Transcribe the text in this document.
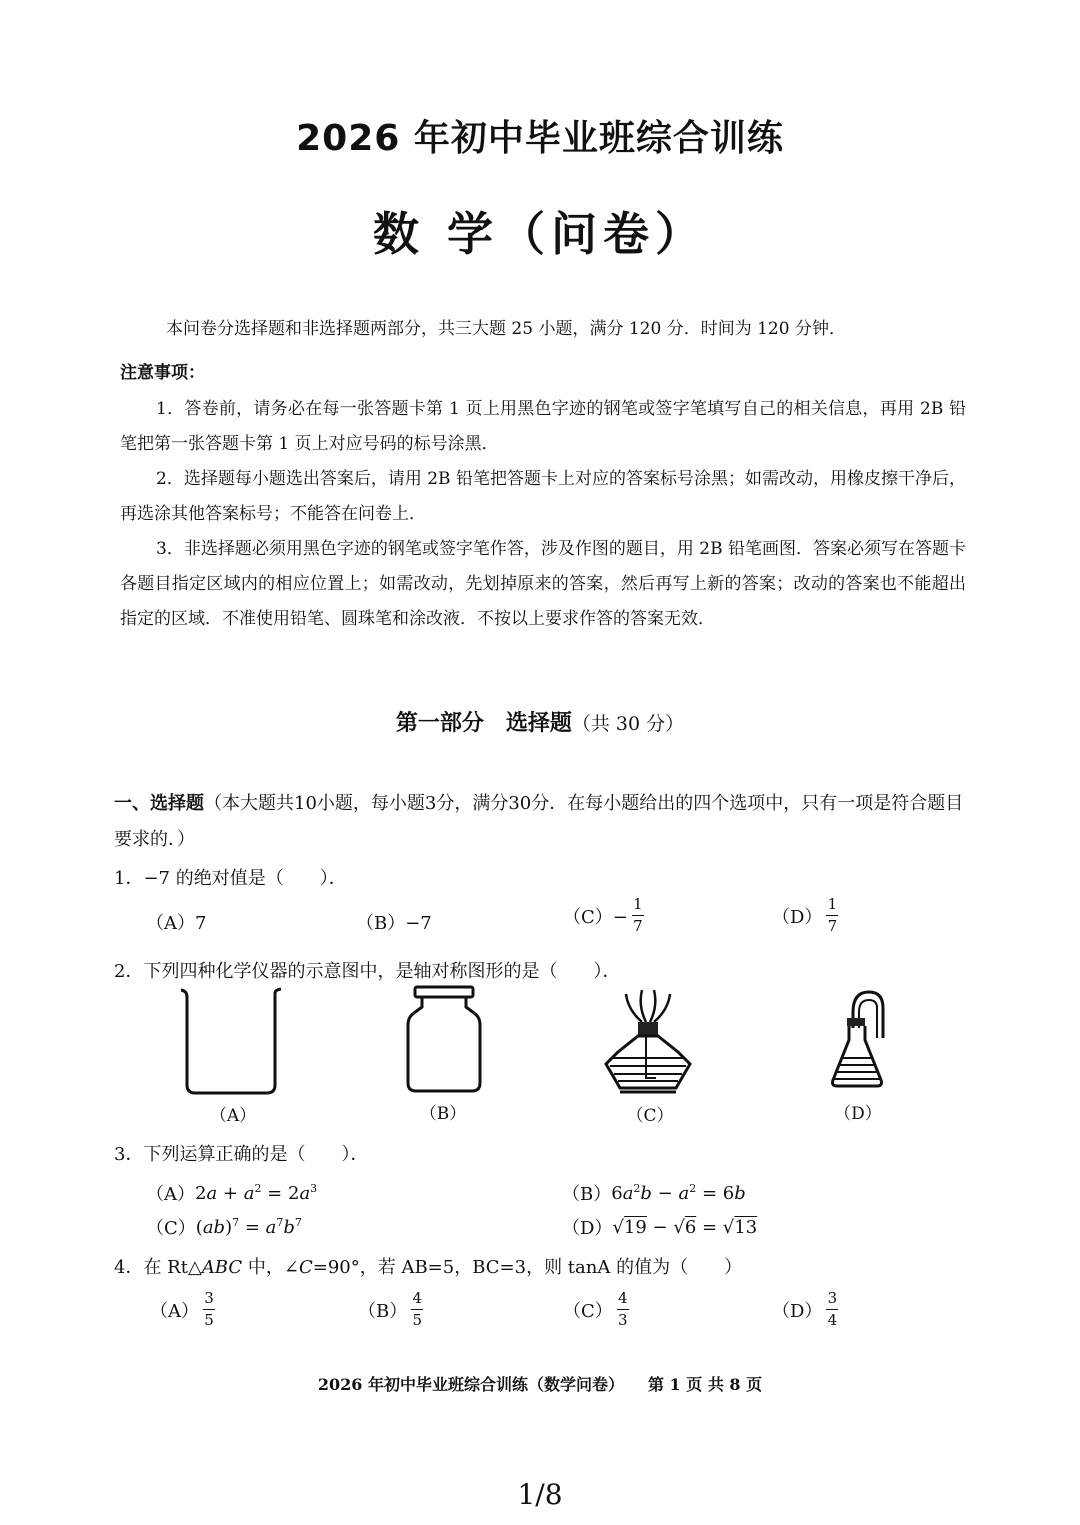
2026 年初中毕业班综合训练
数 学（问卷）
本问卷分选择题和非选择题两部分，共三大题 25 小题，满分 120 分．时间为 120 分钟．
注意事项：
1．答卷前，请务必在每一张答题卡第 1 页上用黑色字迹的钢笔或签字笔填写自己的相关信息，再用 2B 铅笔把第一张答题卡第 1 页上对应号码的标号涂黑．
2．选择题每小题选出答案后，请用 2B 铅笔把答题卡上对应的答案标号涂黑；如需改动，用橡皮擦干净后，再选涂其他答案标号；不能答在问卷上．
3．非选择题必须用黑色字迹的钢笔或签字笔作答，涉及作图的题目，用 2B 铅笔画图．答案必须写在答题卡各题目指定区域内的相应位置上；如需改动，先划掉原来的答案，然后再写上新的答案；改动的答案也不能超出指定的区域．不准使用铅笔、圆珠笔和涂改液．不按以上要求作答的答案无效．
第一部分　选择题（共 30 分）
一、选择题（本大题共10小题，每小题3分，满分30分．在每小题给出的四个选项中，只有一项是符合题目要求的．）
1．−7 的绝对值是（　　）．
（A）7	（B）−7	$(C)- \frac{1}{7}$	$(D) \frac{1}{7}$
2．下列四种化学仪器的示意图中，是轴对称图形的是（　　）．
（A）	（B）	（C）	（D）
3．下列运算正确的是（　　）．
（A） $2a + a^2 = 2a^3$	（B） $6a^2b - a^2 = 6b$
（C） $(ab)^7 = a^7b^7$	（D） √19 − √6 = √13
4．在 Rt△ABC 中，∠C=90°，若 AB=5，BC=3，则 tanA 的值为（　　）
$(A) \frac{3}{5}$	$(B) \frac{4}{5}$	$(C) \frac{4}{3}$	$(D) \frac{3}{4}$
2026 年初中毕业班综合训练（数学问卷）　　第 1 页 共 8 页
1/8
